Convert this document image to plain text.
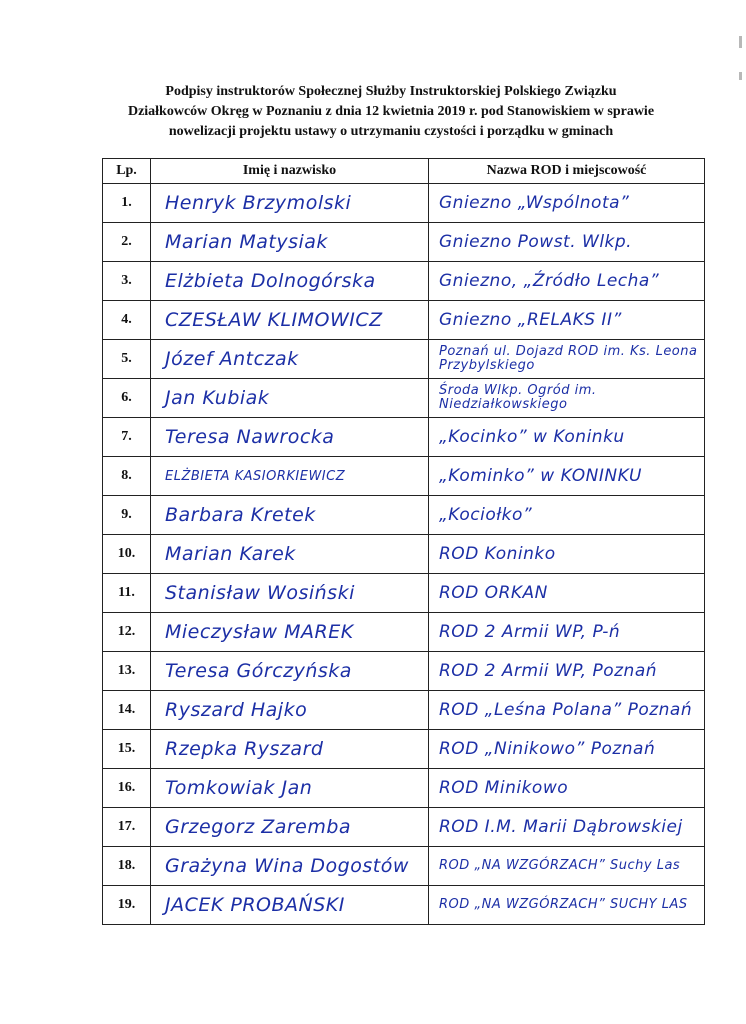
Podpisy instruktorów Społecznej Służby Instruktorskiej Polskiego Związku
Działkowców Okręg w Poznaniu z dnia 12 kwietnia 2019 r. pod Stanowiskiem w sprawie
nowelizacji projektu ustawy o utrzymaniu czystości i porządku w gminach
Lp.	Imię i nazwisko	Nazwa ROD i miejscowość
1.	Henryk Brzymolski	Gniezno „Wspólnota”
2.	Marian Matysiak	Gniezno Powst. Wlkp.
3.	Elżbieta Dolnogórska	Gniezno, „Źródło Lecha”
4.	CZESŁAW KLIMOWICZ	Gniezno „RELAKS II”
5.	Józef Antczak	Poznań ul. Dojazd ROD im. Ks. Leona Przybylskiego
6.	Jan Kubiak	Środa Wlkp. Ogród im. Niedziałkowskiego
7.	Teresa Nawrocka	„Kocinko” w Koninku
8.	ELŻBIETA KASIORKIEWICZ	„Kominko” w KONINKU
9.	Barbara Kretek	„Kociołko”
10.	Marian Karek	ROD Koninko
11.	Stanisław Wosiński	ROD ORKAN
12.	Mieczysław MAREK	ROD 2 Armii WP, P-ń
13.	Teresa Górczyńska	ROD 2 Armii WP, Poznań
14.	Ryszard Hajko	ROD „Leśna Polana” Poznań
15.	Rzepka Ryszard	ROD „Ninikowo” Poznań
16.	Tomkowiak Jan	ROD Minikowo
17.	Grzegorz Zaremba	ROD I.M. Marii Dąbrowskiej
18.	Grażyna Wina Dogostów	ROD „NA WZGÓRZACH” Suchy Las
19.	JACEK PROBAŃSKI	ROD „NA WZGÓRZACH” SUCHY LAS
